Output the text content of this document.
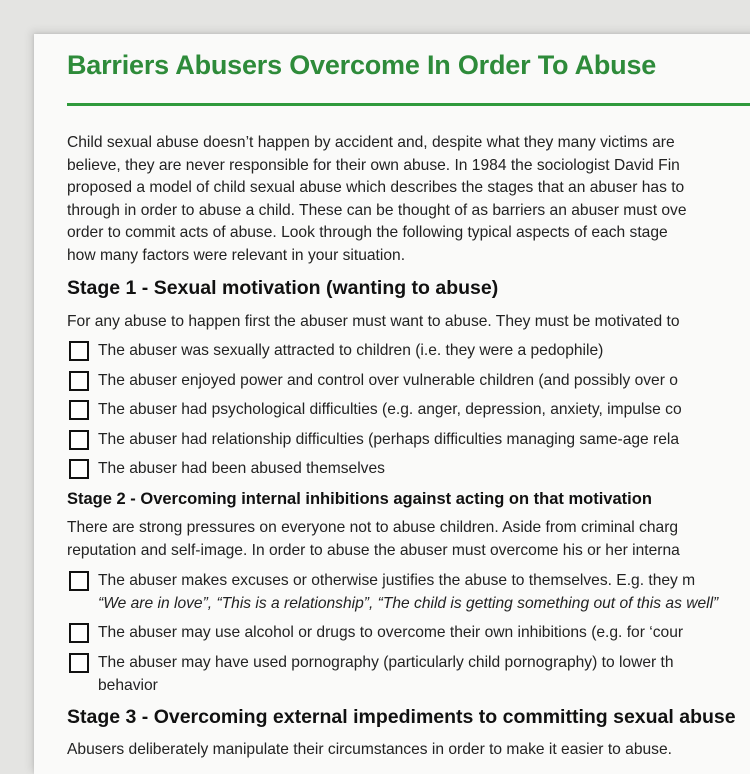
Barriers Abusers Overcome In Order To Abuse
Child sexual abuse doesn’t happen by accident and, despite what they many victims are
believe, they are never responsible for their own abuse. In 1984 the sociologist David Fin
proposed a model of child sexual abuse which describes the stages that an abuser has to
through in order to abuse a child. These can be thought of as barriers an abuser must ove
order to commit acts of abuse. Look through the following typical aspects of each stage
how many factors were relevant in your situation.
Stage 1 - Sexual motivation (wanting to abuse)
For any abuse to happen first the abuser must want to abuse. They must be motivated to
The abuser was sexually attracted to children (i.e. they were a pedophile)
The abuser enjoyed power and control over vulnerable children (and possibly over o
The abuser had psychological difficulties (e.g. anger, depression, anxiety, impulse co
The abuser had relationship difficulties (perhaps difficulties managing same-age rela
The abuser had been abused themselves
Stage 2 - Overcoming internal inhibitions against acting on that motivation
There are strong pressures on everyone not to abuse children. Aside from criminal charg
reputation and self-image. In order to abuse the abuser must overcome his or her interna
The abuser makes excuses or otherwise justifies the abuse to themselves. E.g. they m
“We are in love”, “This is a relationship”, “The child is getting something out of this as well”
The abuser may use alcohol or drugs to overcome their own inhibitions (e.g. for ‘cour
The abuser may have used pornography (particularly child pornography) to lower th
behavior
Stage 3 - Overcoming external impediments to committing sexual abuse
Abusers deliberately manipulate their circumstances in order to make it easier to abuse.
